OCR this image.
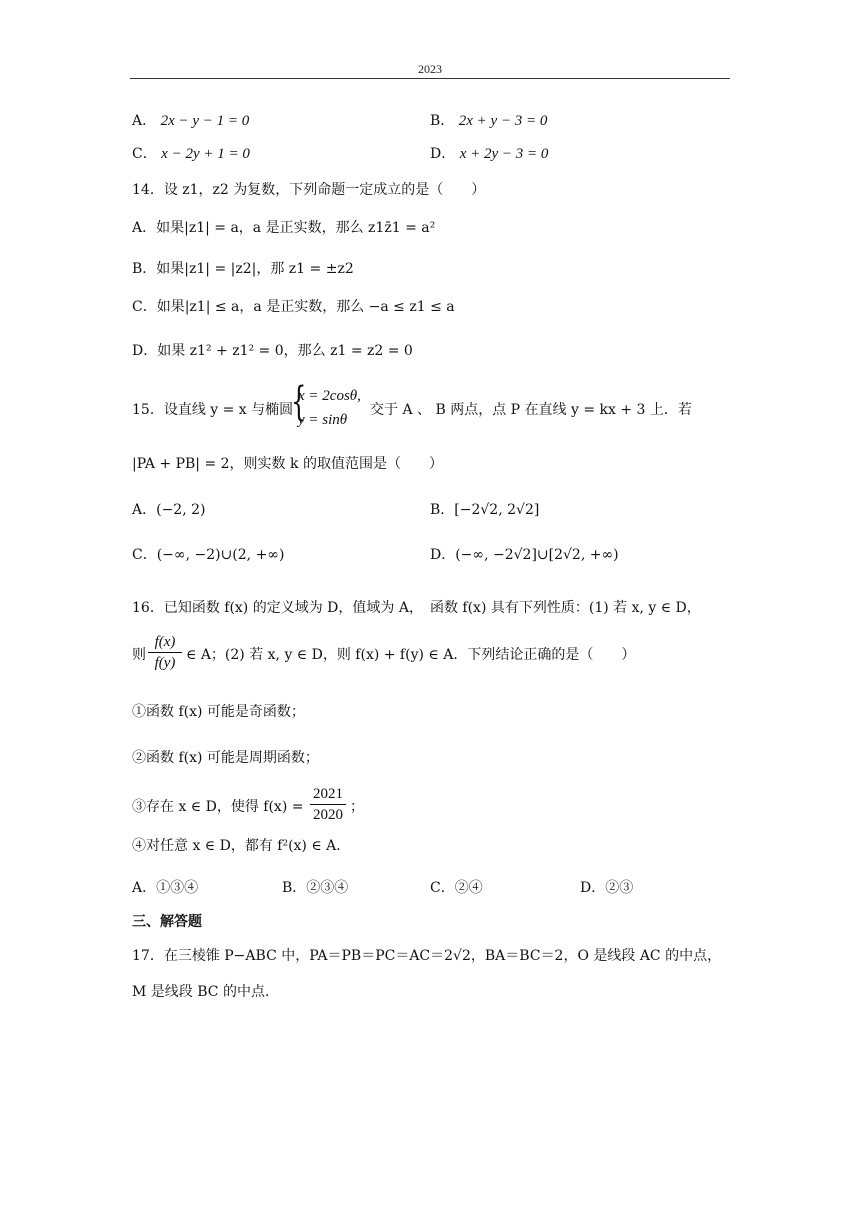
2023
A． 2x − y − 1 = 0	B． 2x + y − 3 = 0
C． x − 2y + 1 = 0	D． x + 2y − 3 = 0
14．设 z1，z2 为复数，下列命题一定成立的是（　　）
A．如果|z1| = a，a 是正实数，那么 z1z̄1 = a²
B．如果|z1| = |z2|，那 z1 = ±z2
C．如果|z1| ≤ a，a 是正实数，那么 −a ≤ z1 ≤ a
D．如果 z1² + z1² = 0，那么 z1 = z2 = 0
15．设直线 y = x 与椭圆
{
x = 2cosθ,
y = sinθ
交于 A 、 B 两点，点 P 在直线 y = kx + 3 上．若
|PA + PB| = 2，则实数 k 的取值范围是（　　）
A．(−2, 2)	B．[−2√2, 2√2]
C．(−∞, −2)∪(2, +∞)	D．(−∞, −2√2]∪[2√2, +∞)
16．已知函数 f(x) 的定义域为 D，值域为 A，　函数 f(x) 具有下列性质：(1) 若 x, y ∈ D，
则
f(x)
f(y) ∈ A；(2) 若 x, y ∈ D，则 f(x) + f(y) ∈ A．下列结论正确的是（　　）
①函数 f(x) 可能是奇函数；
②函数 f(x) 可能是周期函数；
③存在 x ∈ D，使得 f(x) =
2021
2020 ；
④对任意 x ∈ D，都有 f²(x) ∈ A．
A．①③④	B．②③④	C．②④	D．②③
三、解答题
17．在三棱锥 P−ABC 中，PA＝PB＝PC＝AC＝2√2，BA＝BC＝2，O 是线段 AC 的中点，
M 是线段 BC 的中点．
